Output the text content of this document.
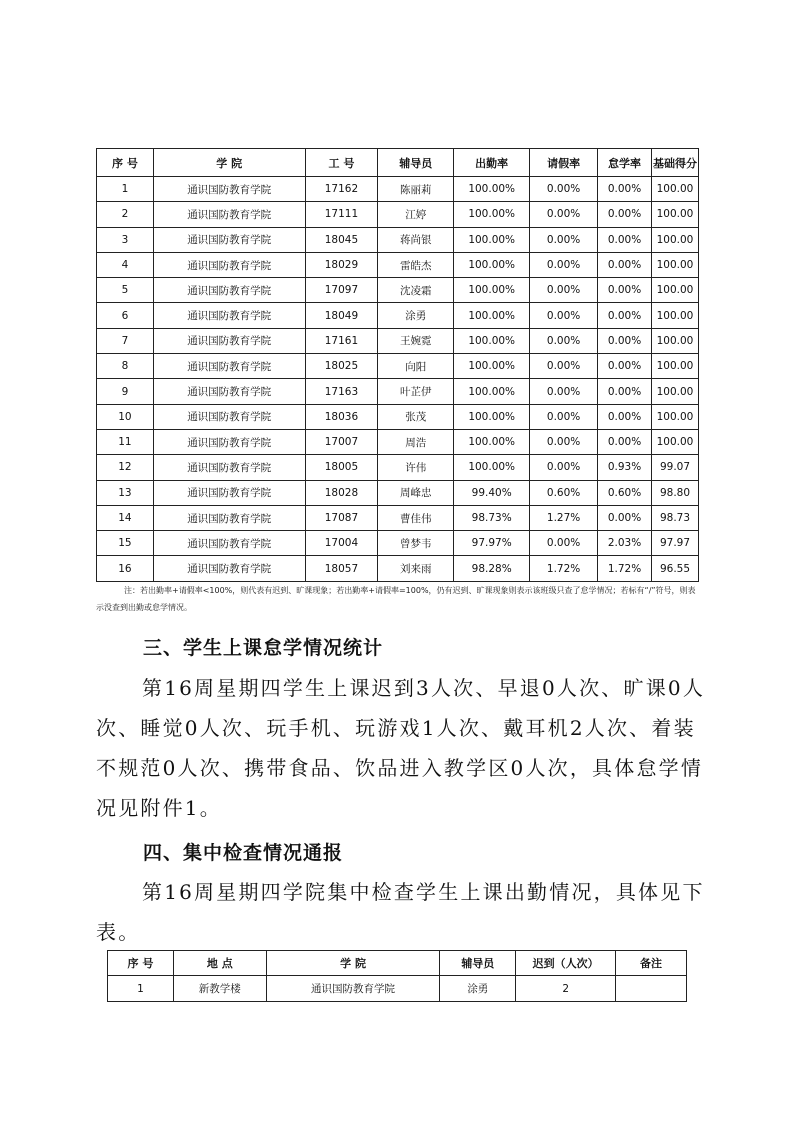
序 号	学 院	工 号	辅导员	出勤率	请假率	怠学率	基础得分
1	通识国防教育学院	17162	陈丽莉	100.00%	0.00%	0.00%	100.00
2	通识国防教育学院	17111	江婷	100.00%	0.00%	0.00%	100.00
3	通识国防教育学院	18045	蒋尚银	100.00%	0.00%	0.00%	100.00
4	通识国防教育学院	18029	雷皓杰	100.00%	0.00%	0.00%	100.00
5	通识国防教育学院	17097	沈凌霜	100.00%	0.00%	0.00%	100.00
6	通识国防教育学院	18049	涂勇	100.00%	0.00%	0.00%	100.00
7	通识国防教育学院	17161	王婉霓	100.00%	0.00%	0.00%	100.00
8	通识国防教育学院	18025	向阳	100.00%	0.00%	0.00%	100.00
9	通识国防教育学院	17163	叶芷伊	100.00%	0.00%	0.00%	100.00
10	通识国防教育学院	18036	张茂	100.00%	0.00%	0.00%	100.00
11	通识国防教育学院	17007	周浩	100.00%	0.00%	0.00%	100.00
12	通识国防教育学院	18005	许伟	100.00%	0.00%	0.93%	99.07
13	通识国防教育学院	18028	周峰忠	99.40%	0.60%	0.60%	98.80
14	通识国防教育学院	17087	曹佳伟	98.73%	1.27%	0.00%	98.73
15	通识国防教育学院	17004	曾梦韦	97.97%	0.00%	2.03%	97.97
16	通识国防教育学院	18057	刘来雨	98.28%	1.72%	1.72%	96.55
注：若出勤率+请假率<100%，则代表有迟到、旷课现象；若出勤率+请假率=100%，仍有迟到、旷课现象则表示该班级只查了怠学情况；若标有“/”符号，则表示没查到出勤或怠学情况。
三、学生上课怠学情况统计
第16周星期四学生上课迟到3人次、早退0人次、旷课0人次、睡觉0人次、玩手机、玩游戏1人次、戴耳机2人次、着装不规范0人次、携带食品、饮品进入教学区0人次，具体怠学情况见附件1。
四、集中检查情况通报
第16周星期四学院集中检查学生上课出勤情况，具体见下表。
序 号	地 点	学 院	辅导员	迟到（人次）	备注
1	新教学楼	通识国防教育学院	涂勇	2	
